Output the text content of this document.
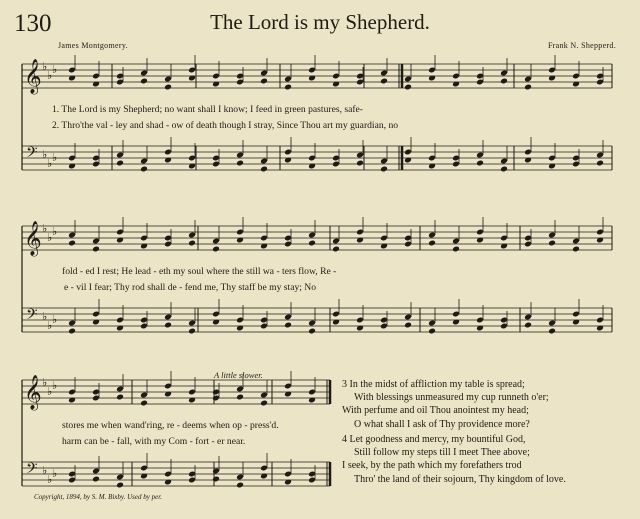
130	The Lord is my Shepherd.
James Montgomery.	Frank N. Shepperd.
𝄞
𝄢
♭
♭ ♭
♭
♭ ♭
𝄞
𝄢
♭
♭ ♭
♭
♭ ♭
𝄞
𝄢
♭
♭ ♭
♭
♭ ♭
1. The Lord is my Shepherd; no want shall I know; I feed in green pastures, safe-
2. Thro'the val - ley and shad - ow of death though I stray, Since Thou art my guardian, no
fold - ed I rest; He lead - eth my soul where the still wa - ters flow, Re -
e - vil I fear; Thy rod shall de - fend me, Thy staff be my stay; No
A little slower.
stores me when wand'ring, re - deems when op - press'd.
harm can be - fall, with my Com - fort - er near.
3 In the midst of affliction my table is spread;
With blessings unmeasured my cup runneth o'er;
With perfume and oil Thou anointest my head;
O what shall I ask of Thy providence more?
4 Let goodness and mercy, my bountiful God,
Still follow my steps till I meet Thee above;
I seek, by the path which my forefathers trod
Thro' the land of their sojourn, Thy kingdom of love.
Copyright, 1894, by S. M. Bixby. Used by per.
